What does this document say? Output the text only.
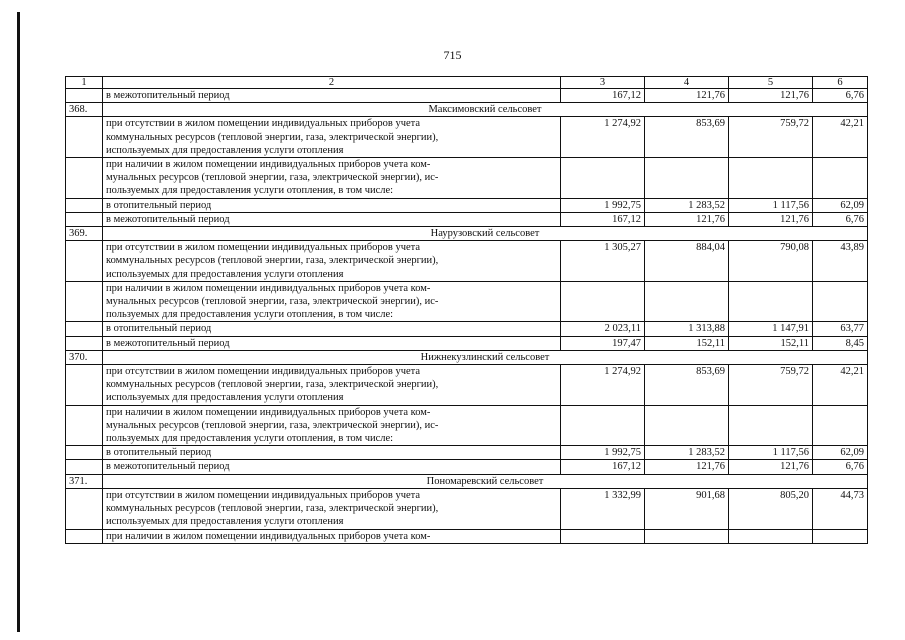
715
1	2	3	4	5	6

	в межотопительный период	167,12	121,76	121,76	6,76
368.	Максимовский сельсовет				

	при отсутствии в жилом помещении индивидуальных приборов учета
коммунальных ресурсов (тепловой энергии, газа, электрической энергии),
используемых для предоставления услуги отопления	1 274,92	853,69	759,72	42,21

	при наличии в жилом помещении индивидуальных приборов учета ком-
мунальных ресурсов (тепловой энергии, газа, электрической энергии), ис-
пользуемых для предоставления услуги отопления, в том числе:				

	в отопительный период	1 992,75	1 283,52	1 117,56	62,09

	в межотопительный период	167,12	121,76	121,76	6,76
369.	Наурузовский сельсовет				

	при отсутствии в жилом помещении индивидуальных приборов учета
коммунальных ресурсов (тепловой энергии, газа, электрической энергии),
используемых для предоставления услуги отопления	1 305,27	884,04	790,08	43,89

	при наличии в жилом помещении индивидуальных приборов учета ком-
мунальных ресурсов (тепловой энергии, газа, электрической энергии), ис-
пользуемых для предоставления услуги отопления, в том числе:				

	в отопительный период	2 023,11	1 313,88	1 147,91	63,77

	в межотопительный период	197,47	152,11	152,11	8,45
370.	Нижнекузлинский сельсовет				

	при отсутствии в жилом помещении индивидуальных приборов учета
коммунальных ресурсов (тепловой энергии, газа, электрической энергии),
используемых для предоставления услуги отопления	1 274,92	853,69	759,72	42,21

	при наличии в жилом помещении индивидуальных приборов учета ком-
мунальных ресурсов (тепловой энергии, газа, электрической энергии), ис-
пользуемых для предоставления услуги отопления, в том числе:				

	в отопительный период	1 992,75	1 283,52	1 117,56	62,09

	в межотопительный период	167,12	121,76	121,76	6,76
371.	Пономаревский сельсовет				

	при отсутствии в жилом помещении индивидуальных приборов учета
коммунальных ресурсов (тепловой энергии, газа, электрической энергии),
используемых для предоставления услуги отопления	1 332,99	901,68	805,20	44,73

	при наличии в жилом помещении индивидуальных приборов учета ком-				
